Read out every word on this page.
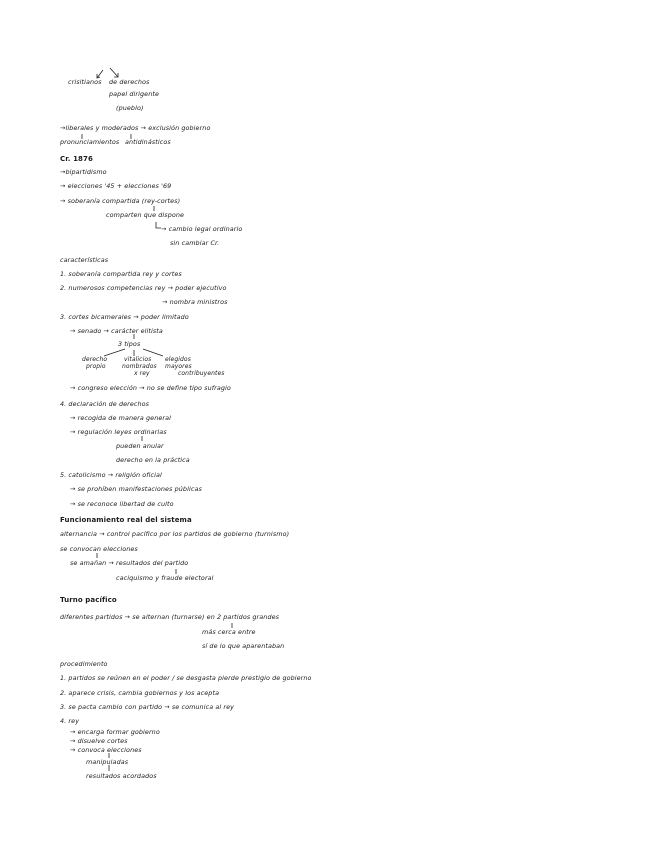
crisitianos de derechos
papel dirigente
(pueblo)
→liberales y moderados → exclusión gobierno
pronunciamientos antidinásticos
Cr. 1876
→bipartidismo
→ elecciones '45 + elecciones '69
→ soberanía compartida (rey-cortes)
comparten que dispone
→ cambio legal ordinario
sin cambiar Cr.
características
1. soberanía compartida rey y cortes
2. numerosos competencias rey → poder ejecutivo
→ nombra ministros
3. cortes bicamerales → poder limitado
→ senado → carácter elitista
3 tipos
derecho
propio
vitalicios
nombrados
x rey
elegidos
mayores
contribuyentes
→ congreso elección → no se define tipo sufragio
4. declaración de derechos
→ recogida de manera general
→ regulación leyes ordinarias
pueden anular
derecho en la práctica
5. catolicismo → religión oficial
→ se prohíben manifestaciones públicas
→ se reconoce libertad de culto
Funcionamiento real del sistema
alternancia → control pacífico por los partidos de gobierno (turnismo)
se convocan elecciones
se amañan → resultados del partido
caciquismo y fraude electoral
Turno pacífico
diferentes partidos → se alternan (turnarse) en 2 partidos grandes
más cerca entre
sí de lo que aparentaban
procedimiento
1. partidos se reúnen en el poder / se desgasta pierde prestigio de gobierno
2. aparece crisis, cambia gobiernos y los acepta
3. se pacta cambio con partido → se comunica al rey
4. rey
→ encarga formar gobierno
→ disuelve cortes
→ convoca elecciones
manipuladas
resultados acordados
